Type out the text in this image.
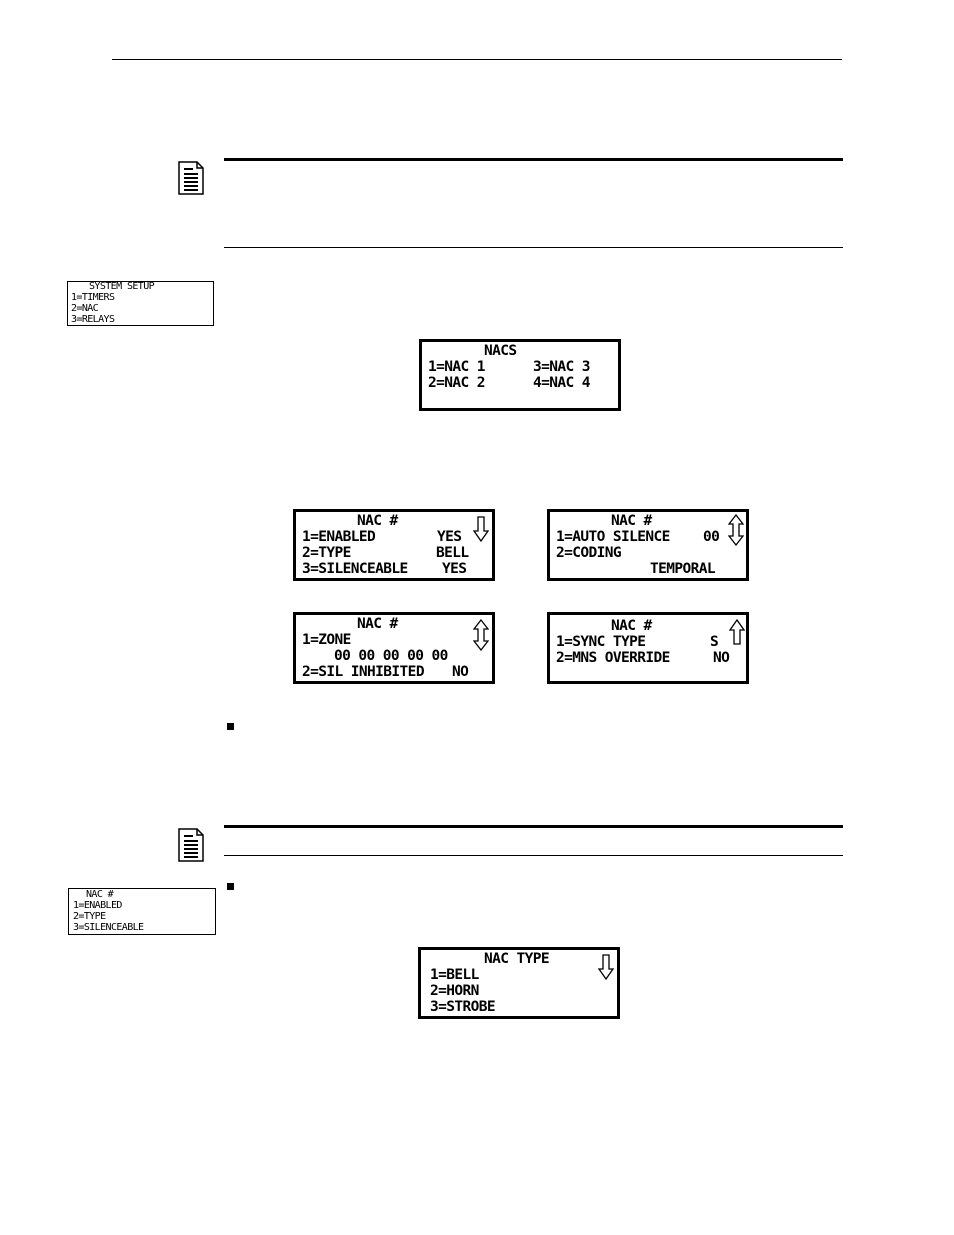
SYSTEM SETUP
1=TIMERS
2=NAC
3=RELAYS
NACS
1=NAC 1	3=NAC 3
2=NAC 2	4=NAC 4
NAC #
1=ENABLED	YES
2=TYPE	BELL
3=SILENCEABLE YES
NAC #
1=AUTO SILENCE 00
2=CODING
TEMPORAL
NAC #
1=ZONE
00 00 00 00 00
2=SIL INHIBITED NO
NAC #
1=SYNC TYPE	S
2=MNS OVERRIDE	NO
NAC #
1=ENABLED
2=TYPE
3=SILENCEABLE
NAC TYPE
1=BELL
2=HORN
3=STROBE
